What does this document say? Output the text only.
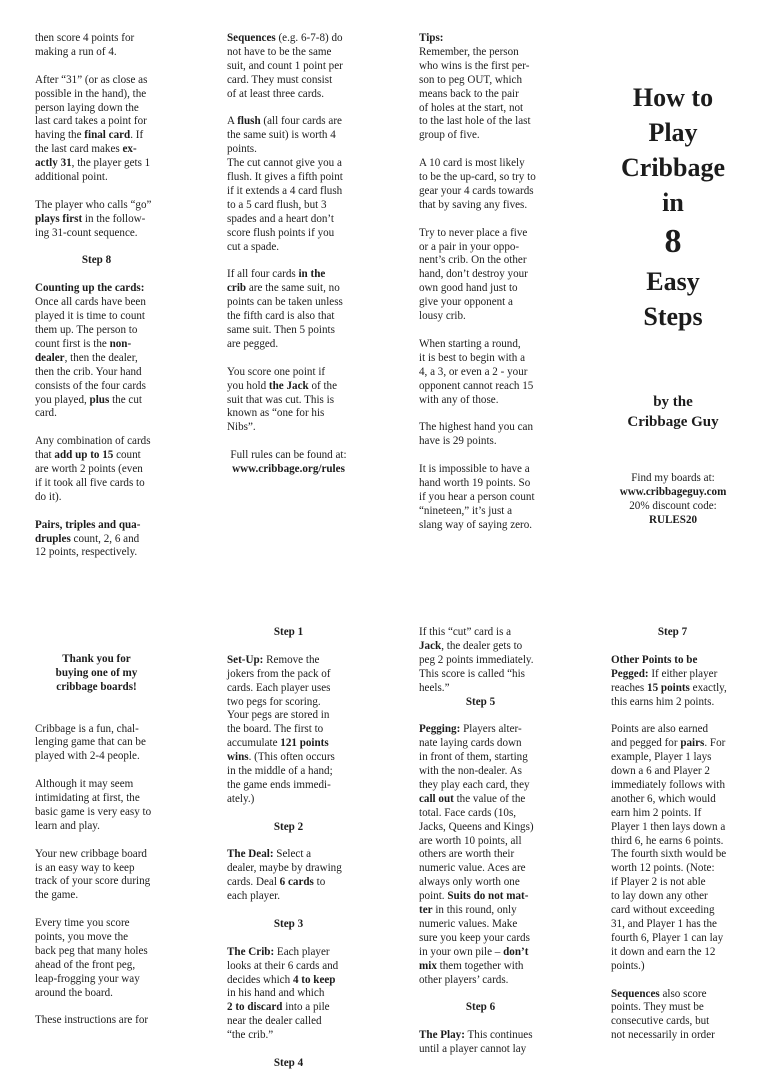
then score 4 points for
making a run of 4.

After “31” (or as close as
possible in the hand), the
person laying down the
last card takes a point for
having the final card. If
the last card makes ex-
actly 31, the player gets 1
additional point.

The player who calls “go”
plays first in the follow-
ing 31-count sequence.

Step 8

Counting up the cards:
Once all cards have been
played it is time to count
them up. The person to
count first is the non-
dealer, then the dealer,
then the crib. Your hand
consists of the four cards
you played, plus the cut
card.

Any combination of cards
that add up to 15 count
are worth 2 points (even
if it took all five cards to
do it).

Pairs, triples and qua-
druples count, 2, 6 and
12 points, respectively.

Sequences (e.g. 6-7-8) do
not have to be the same
suit, and count 1 point per
card. They must consist
of at least three cards.

A flush (all four cards are
the same suit) is worth 4
points.
The cut cannot give you a
flush. It gives a fifth point
if it extends a 4 card flush
to a 5 card flush, but 3
spades and a heart don’t
score flush points if you
cut a spade.

If all four cards in the
crib are the same suit, no
points can be taken unless
the fifth card is also that
same suit. Then 5 points
are pegged.

You score one point if
you hold the Jack of the
suit that was cut. This is
known as “one for his
Nibs”.

Full rules can be found at:
www.cribbage.org/rules

Tips:
Remember, the person
who wins is the first per-
son to peg OUT, which
means back to the pair
of holes at the start, not
to the last hole of the last
group of five.

A 10 card is most likely
to be the up-card, so try to
gear your 4 cards towards
that by saving any fives.

Try to never place a five
or a pair in your oppo-
nent’s crib. On the other
hand, don’t destroy your
own good hand just to
give your opponent a
lousy crib.

When starting a round,
it is best to begin with a
4, a 3, or even a 2 - your
opponent cannot reach 15
with any of those.

The highest hand you can
have is 29 points.

It is impossible to have a
hand worth 19 points. So
if you hear a person count
“nineteen,” it’s just a
slang way of saying zero.

How to
Play
Cribbage
in
8
Easy
Steps
by the
Cribbage Guy
Find my boards at:
www.cribbageguy.com
20% discount code:
RULES20

Thank you for
buying one of my
cribbage boards!

Cribbage is a fun, chal-
lenging game that can be
played with 2-4 people.

Although it may seem
intimidating at first, the
basic game is very easy to
learn and play.

Your new cribbage board
is an easy way to keep
track of your score during
the game.

Every time you score
points, you move the
back peg that many holes
ahead of the front peg,
leap-frogging your way
around the board.

These instructions are for

Step 1

Set-Up: Remove the
jokers from the pack of
cards. Each player uses
two pegs for scoring.
Your pegs are stored in
the board. The first to
accumulate 121 points
wins. (This often occurs
in the middle of a hand;
the game ends immedi-
ately.)

Step 2

The Deal: Select a
dealer, maybe by drawing
cards. Deal 6 cards to
each player.

Step 3

The Crib: Each player
looks at their 6 cards and
decides which 4 to keep
in his hand and which
2 to discard into a pile
near the dealer called
“the crib.”

Step 4

If this “cut” card is a
Jack, the dealer gets to
peg 2 points immediately.
This score is called “his
heels.”

Step 5

Pegging: Players alter-
nate laying cards down
in front of them, starting
with the non-dealer. As
they play each card, they
call out the value of the
total. Face cards (10s,
Jacks, Queens and Kings)
are worth 10 points, all
others are worth their
numeric value. Aces are
always only worth one
point. Suits do not mat-
ter in this round, only
numeric values. Make
sure you keep your cards
in your own pile – don’t
mix them together with
other players’ cards.

Step 6

The Play: This continues
until a player cannot lay

Step 7

Other Points to be
Pegged: If either player
reaches 15 points exactly,
this earns him 2 points.

Points are also earned
and pegged for pairs. For
example, Player 1 lays
down a 6 and Player 2
immediately follows with
another 6, which would
earn him 2 points. If
Player 1 then lays down a
third 6, he earns 6 points.
The fourth sixth would be
worth 12 points. (Note:
if Player 2 is not able
to lay down any other
card without exceeding
31, and Player 1 has the
fourth 6, Player 1 can lay
it down and earn the 12
points.)

Sequences also score
points. They must be
consecutive cards, but
not necessarily in order
